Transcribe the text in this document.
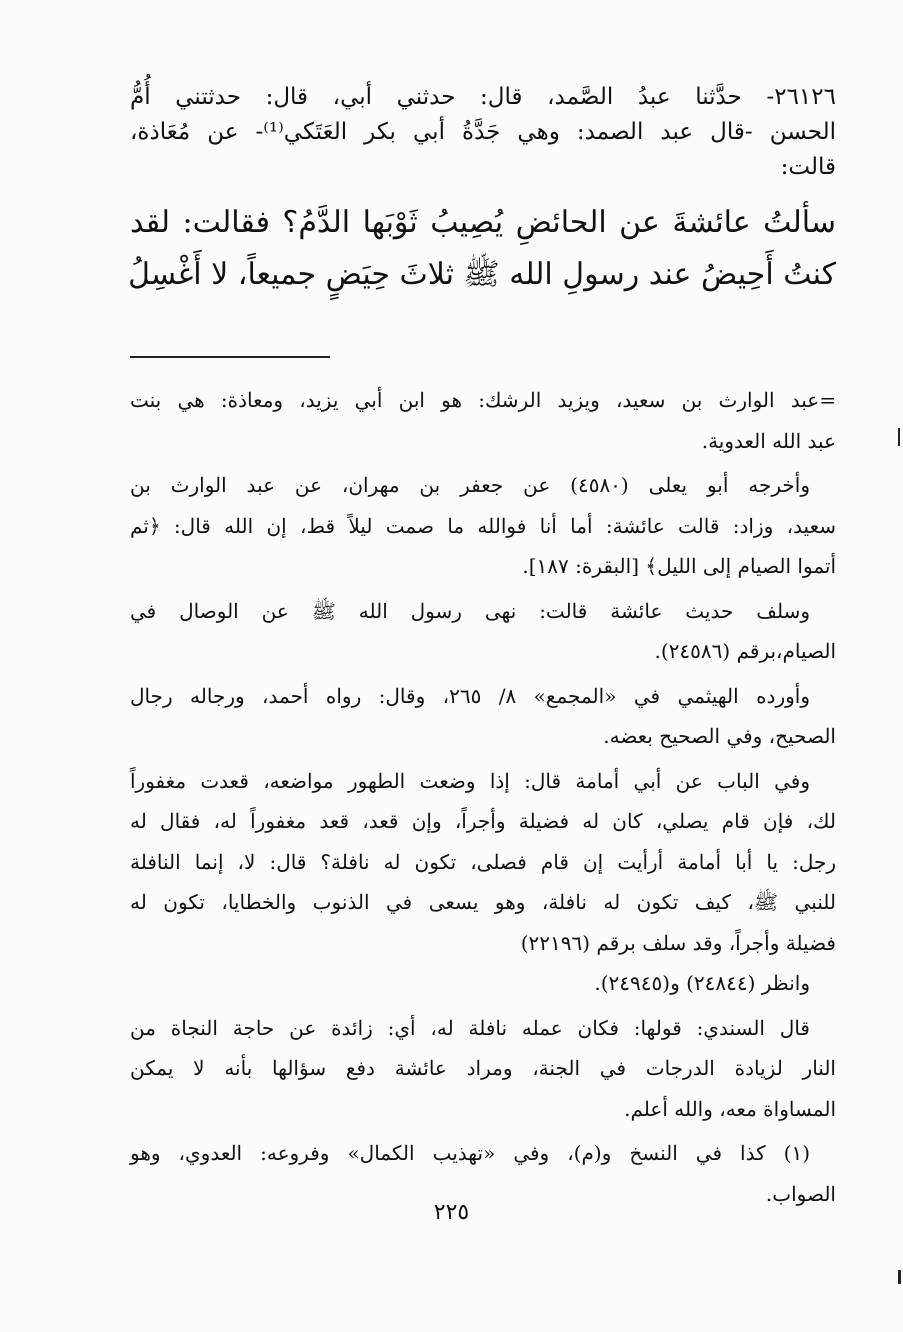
٢٦١٢٦- حدَّثنا عبدُ الصَّمد، قال: حدثني أبي، قال: حدثتني أُمُّ
الحسن -قال عبد الصمد: وهي جَدَّةُ أبي بكر العَتَكي⁽¹⁾- عن مُعَاذة،
قالت:
سألتُ عائشةَ عن الحائضِ يُصِيبُ ثَوْبَها الدَّمُ؟ فقالت: لقد
كنتُ أَحِيضُ عند رسولِ الله ﷺ ثلاثَ حِيَضٍ جميعاً، لا أَغْسِلُ
=عبد الوارث بن سعيد، ويزيد الرشك: هو ابن أبي يزيد، ومعاذة: هي بنت
عبد الله العدوية.
وأخرجه أبو يعلى (٤٥٨٠) عن جعفر بن مهران، عن عبد الوارث بن
سعيد، وزاد: قالت عائشة: أما أنا فوالله ما صمت ليلاً قط، إن الله قال: ﴿ثم
أتموا الصيام إلى الليل﴾ [البقرة: ١٨٧].
وسلف حديث عائشة قالت: نهى رسول الله ﷺ عن الوصال في
الصيام،برقم (٢٤٥٨٦).
وأورده الهيثمي في «المجمع» ٨/ ٢٦٥، وقال: رواه أحمد، ورجاله رجال
الصحيح، وفي الصحيح بعضه.
وفي الباب عن أبي أمامة قال: إذا وضعت الطهور مواضعه، قعدت مغفوراً
لك، فإن قام يصلي، كان له فضيلة وأجراً، وإن قعد، قعد مغفوراً له، فقال له
رجل: يا أبا أمامة أرأيت إن قام فصلى، تكون له نافلة؟ قال: لا، إنما النافلة
للنبي ﷺ، كيف تكون له نافلة، وهو يسعى في الذنوب والخطايا، تكون له
فضيلة وأجراً، وقد سلف برقم (٢٢١٩٦)
وانظر (٢٤٨٤٤) و(٢٤٩٤٥).
قال السندي: قولها: فكان عمله نافلة له، أي: زائدة عن حاجة النجاة من
النار لزيادة الدرجات في الجنة، ومراد عائشة دفع سؤالها بأنه لا يمكن
المساواة معه، والله أعلم.
(١) كذا في النسخ و(م)، وفي «تهذيب الكمال» وفروعه: العدوي، وهو
الصواب.
٢٢٥
